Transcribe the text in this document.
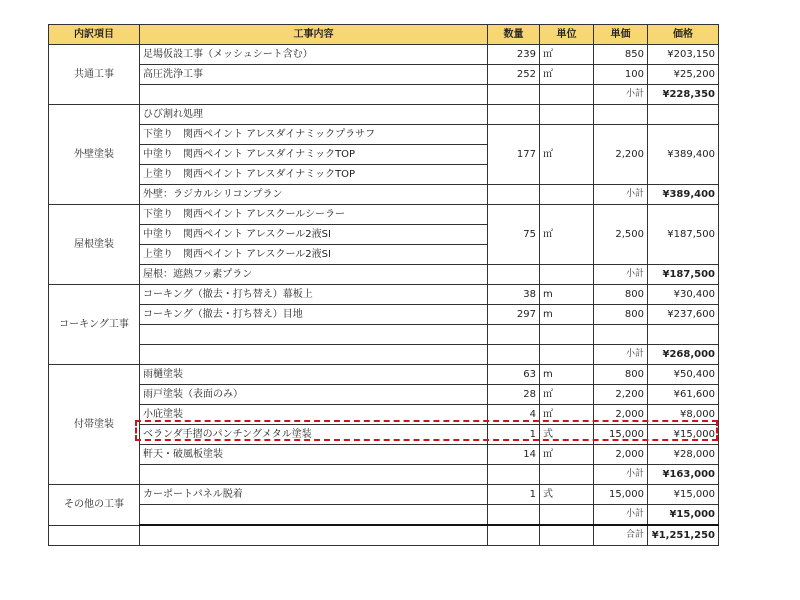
内訳項目	工事内容	数量	単位	単価	価格
共通工事	足場仮設工事（メッシュシート含む）	239	㎡	850	¥203,150
	高圧洗浄工事	252	㎡	100	¥25,200
				小計	¥228,350
外壁塗装	ひび割れ処理				
	下塗り　関西ペイント アレスダイナミックプラサフ	177	㎡	2,200	¥389,400
	中塗り　関西ペイント アレスダイナミックTOP				
	上塗り　関西ペイント アレスダイナミックTOP				
	外壁：ラジカルシリコンプラン			小計	¥389,400
屋根塗装	下塗り　関西ペイント アレスクールシーラー	75	㎡	2,500	¥187,500
	中塗り　関西ペイント アレスクール2液SI				
	上塗り　関西ペイント アレスクール2液SI				
	屋根：遮熱フッ素プラン			小計	¥187,500
コーキング工事	コーキング（撤去・打ち替え）幕板上	38	m	800	¥30,400
	コーキング（撤去・打ち替え）目地	297	m	800	¥237,600

				小計	¥268,000
付帯塗装	雨樋塗装	63	m	800	¥50,400
	雨戸塗装（表面のみ）	28	㎡	2,200	¥61,600
	小庇塗装	4	㎡	2,000	¥8,000
	ベランダ手摺のパンチングメタル塗装	1	式	15,000	¥15,000
	軒天・破風板塗装	14	㎡	2,000	¥28,000
				小計	¥163,000
その他の工事	カーポートパネル脱着	1	式	15,000	¥15,000
				小計	¥15,000
				合計	¥1,251,250
